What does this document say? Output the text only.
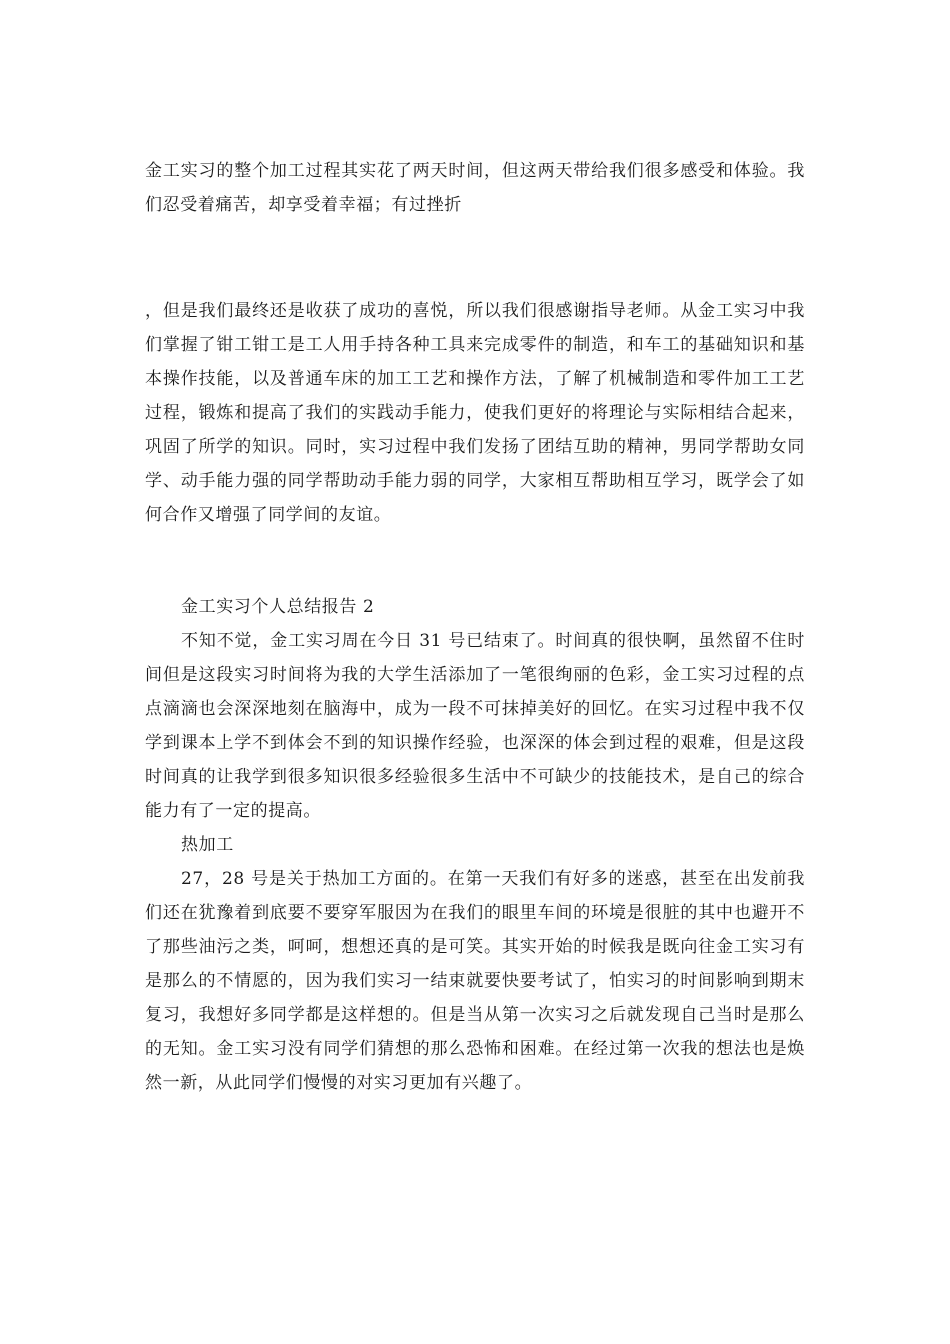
金工实习的整个加工过程其实花了两天时间，但这两天带给我们很多感受和体验。我们忍受着痛苦，却享受着幸福；有过挫折

，但是我们最终还是收获了成功的喜悦，所以我们很感谢指导老师。从金工实习中我们掌握了钳工钳工是工人用手持各种工具来完成零件的制造，和车工的基础知识和基本操作技能，以及普通车床的加工工艺和操作方法，了解了机械制造和零件加工工艺过程，锻炼和提高了我们的实践动手能力，使我们更好的将理论与实际相结合起来，巩固了所学的知识。同时，实习过程中我们发扬了团结互助的精神，男同学帮助女同学、动手能力强的同学帮助动手能力弱的同学，大家相互帮助相互学习，既学会了如何合作又增强了同学间的友谊。

金工实习个人总结报告 2

不知不觉，金工实习周在今日 31 号已结束了。时间真的很快啊，虽然留不住时间但是这段实习时间将为我的大学生活添加了一笔很绚丽的色彩，金工实习过程的点点滴滴也会深深地刻在脑海中，成为一段不可抹掉美好的回忆。在实习过程中我不仅学到课本上学不到体会不到的知识操作经验，也深深的体会到过程的艰难，但是这段时间真的让我学到很多知识很多经验很多生活中不可缺少的技能技术，是自己的综合能力有了一定的提高。

热加工

27，28 号是关于热加工方面的。在第一天我们有好多的迷惑，甚至在出发前我们还在犹豫着到底要不要穿军服因为在我们的眼里车间的环境是很脏的其中也避开不了那些油污之类，呵呵，想想还真的是可笑。其实开始的时候我是既向往金工实习有是那么的不情愿的，因为我们实习一结束就要快要考试了，怕实习的时间影响到期末复习，我想好多同学都是这样想的。但是当从第一次实习之后就发现自己当时是那么的无知。金工实习没有同学们猜想的那么恐怖和困难。在经过第一次我的想法也是焕然一新，从此同学们慢慢的对实习更加有兴趣了。
